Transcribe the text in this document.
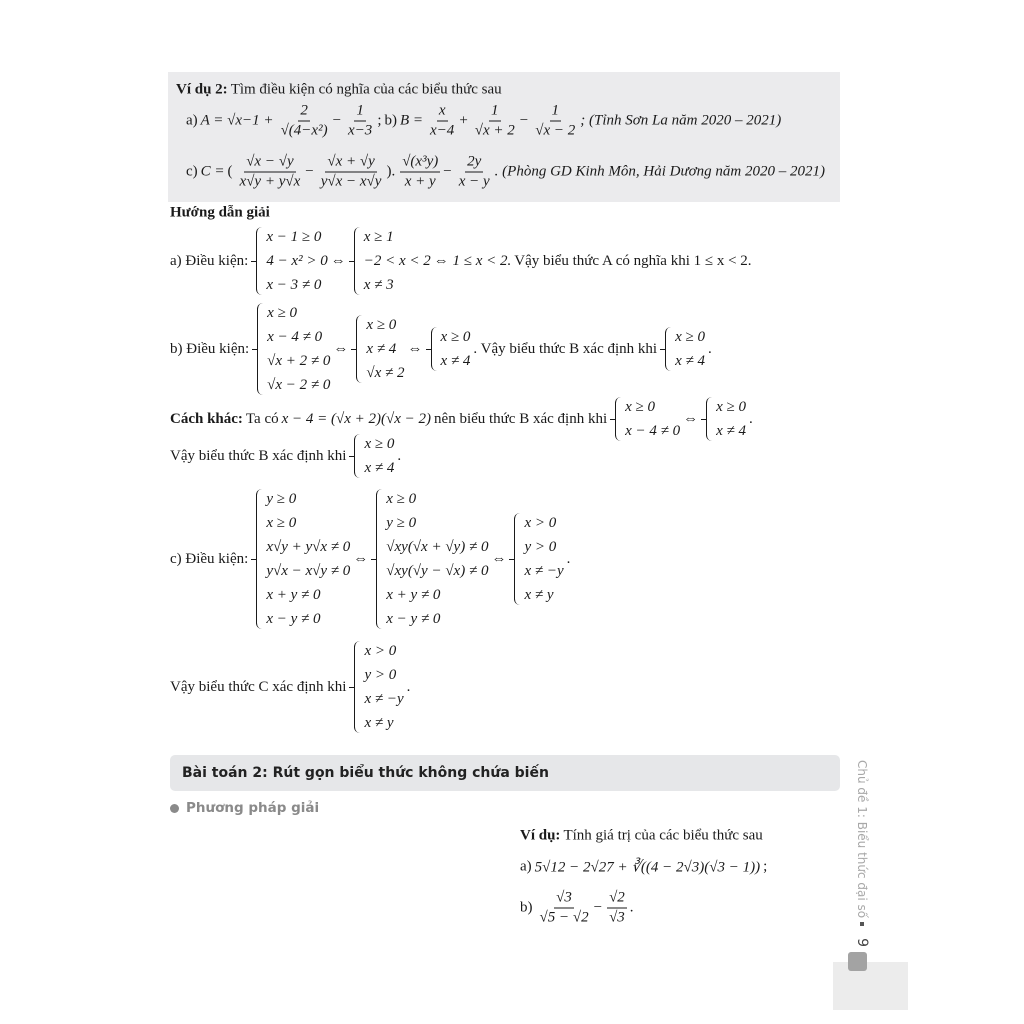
Ví dụ 2: Tìm điều kiện có nghĩa của các biểu thức sau
a) $A = √x-1 + \frac{2}{\text{√(4−x²)}} - \frac{1}{x-3}$ ; b) $B = \frac{x}{x-4} + \frac{1}{√x + 2} - \frac{1}{√x - 2}$ ; (Tỉnh Sơn La năm 2020 – 2021)
c) C = ( $\frac{√x - √y}{x√y + y√x} - \frac{√x + √y}{y√x - x√y}$ ). $\frac{\text{√(x³y)}}{x + y} - \frac{2y}{x - y}$ . (Phòng GD Kinh Môn, Hải Dương năm 2020 – 2021)
Hướng dẫn giải
a) Điều kiện:
x − 1 ≥ 0
4 − x² > 0
x − 3 ≠ 0
⇔
x ≥ 1
−2 < x < 2
x ≠ 3
⇔ 1 ≤ x < 2. Vậy biểu thức A có nghĩa khi 1 ≤ x < 2.
b) Điều kiện:
x ≥ 0
x − 4 ≠ 0
√x + 2 ≠ 0
√x − 2 ≠ 0
⇔
x ≥ 0
x ≠ 4
√x ≠ 2
⇔
x ≥ 0
x ≠ 4
. Vậy biểu thức B xác định khi
x ≥ 0
x ≠ 4
.
Cách khác: Ta có x − 4 = (√x + 2)(√x − 2) nên biểu thức B xác định khi
x ≥ 0
x − 4 ≠ 0
⇔
x ≥ 0
x ≠ 4
.
Vậy biểu thức B xác định khi
x ≥ 0
x ≠ 4
.
c) Điều kiện:
y ≥ 0
x ≥ 0
x√y + y√x ≠ 0
y√x − x√y ≠ 0
x + y ≠ 0
x − y ≠ 0
⇔
x ≥ 0
y ≥ 0
√xy(√x + √y) ≠ 0
√xy(√y − √x) ≠ 0
x + y ≠ 0
x − y ≠ 0
⇔
x > 0
y > 0
x ≠ −y
x ≠ y
.
Vậy biểu thức C xác định khi
x > 0
y > 0
x ≠ −y
x ≠ y
.
Bài toán 2: Rút gọn biểu thức không chứa biến
Phương pháp giải
Ví dụ: Tính giá trị của các biểu thức sau
a) 5√12 − 2√27 + ∛((4 − 2√3)(√3 − 1)) ;
$b) \frac{√3}{√5 - √2} - \frac{√2}{√3}$ .	Chủ đề 1: Biểu thức đại số
9
